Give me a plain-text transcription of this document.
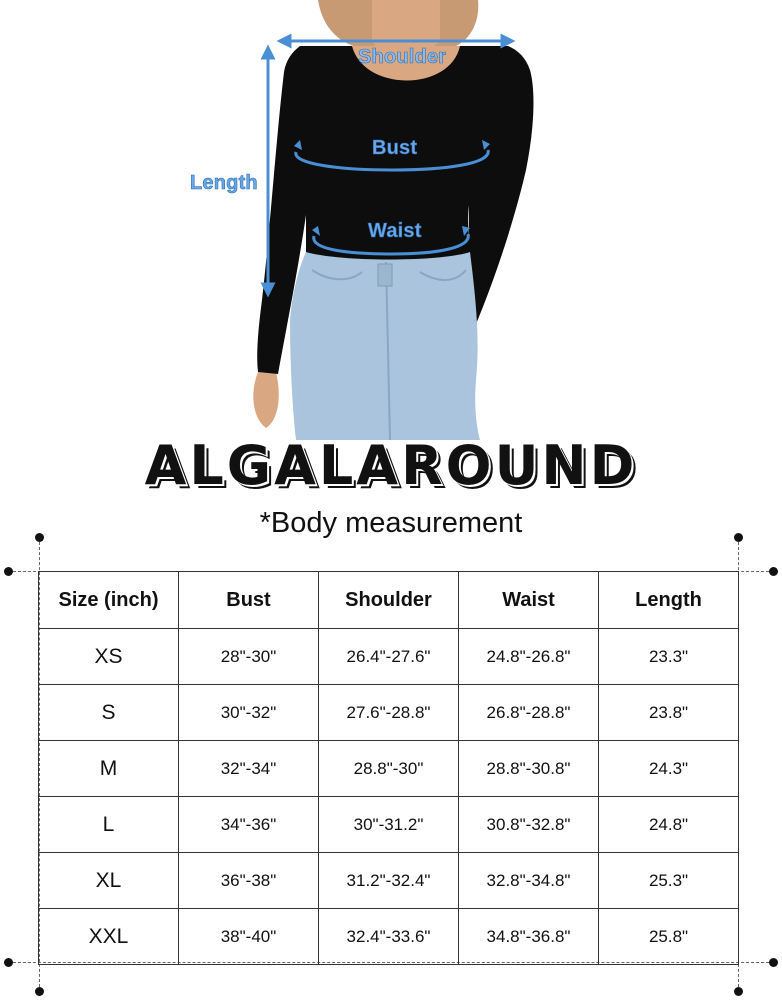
Shoulder
Bust
Waist
Length
ALGALAROUND
*Body measurement
Size (inch)	Bust	Shoulder	Waist	Length
XS	28"-30"	26.4"-27.6"	24.8"-26.8"	23.3"
S	30"-32"	27.6"-28.8"	26.8"-28.8"	23.8"
M	32"-34"	28.8"-30"	28.8"-30.8"	24.3"
L	34"-36"	30"-31.2"	30.8"-32.8"	24.8"
XL	36"-38"	31.2"-32.4"	32.8"-34.8"	25.3"
XXL	38"-40"	32.4"-33.6"	34.8"-36.8"	25.8"
